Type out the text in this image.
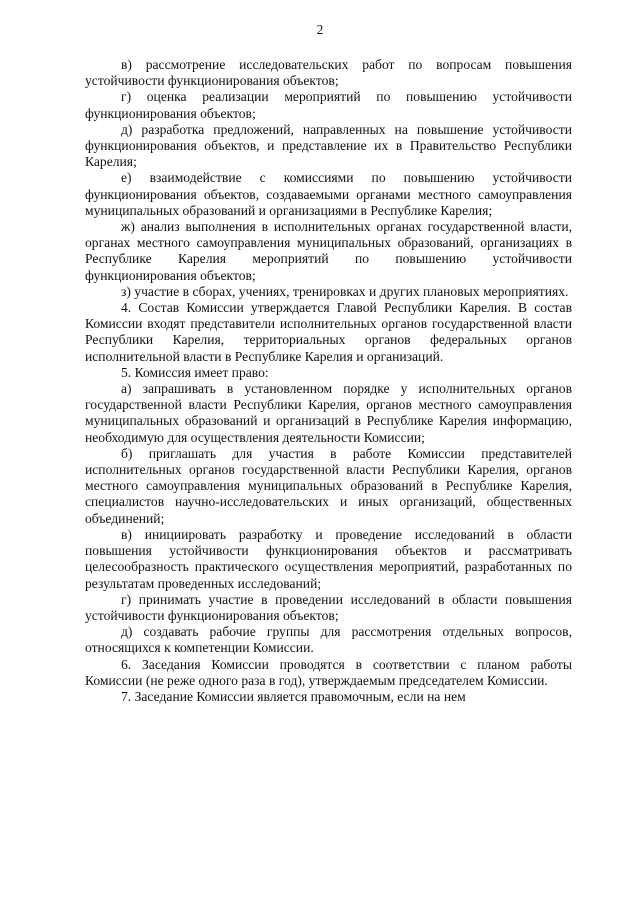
2

в) рассмотрение исследовательских работ по вопросам повышения устойчивости функционирования объектов;

г) оценка реализации мероприятий по повышению устойчивости функционирования объектов;

д) разработка предложений, направленных на повышение устойчивости функционирования объектов, и представление их в Правительство Республики Карелия;

е) взаимодействие с комиссиями по повышению устойчивости функционирования объектов, создаваемыми органами местного самоуправления муниципальных образований и организациями в Республике Карелия;

ж) анализ выполнения в исполнительных органах государственной власти, органах местного самоуправления муниципальных образований, организациях в Республике Карелия мероприятий по повышению устойчивости функционирования объектов;

з) участие в сборах, учениях, тренировках и других плановых мероприятиях.

4. Состав Комиссии утверждается Главой Республики Карелия. В состав Комиссии входят представители исполнительных органов государственной власти Республики Карелия, территориальных органов федеральных органов исполнительной власти в Республике Карелия и организаций.

5. Комиссия имеет право:

а) запрашивать в установленном порядке у исполнительных органов государственной власти Республики Карелия, органов местного самоуправления муниципальных образований и организаций в Республике Карелия информацию, необходимую для осуществления деятельности Комиссии;

б) приглашать для участия в работе Комиссии представителей исполнительных органов государственной власти Республики Карелия, органов местного самоуправления муниципальных образований в Республике Карелия, специалистов научно-исследовательских и иных организаций, общественных объединений;

в) инициировать разработку и проведение исследований в области повышения устойчивости функционирования объектов и рассматривать целесообразность практического осуществления мероприятий, разработанных по результатам проведенных исследований;

г) принимать участие в проведении исследований в области повышения устойчивости функционирования объектов;

д) создавать рабочие группы для рассмотрения отдельных вопросов, относящихся к компетенции Комиссии.

6. Заседания Комиссии проводятся в соответствии с планом работы Комиссии (не реже одного раза в год), утверждаемым председателем Комиссии.

7. Заседание Комиссии является правомочным, если на нем
